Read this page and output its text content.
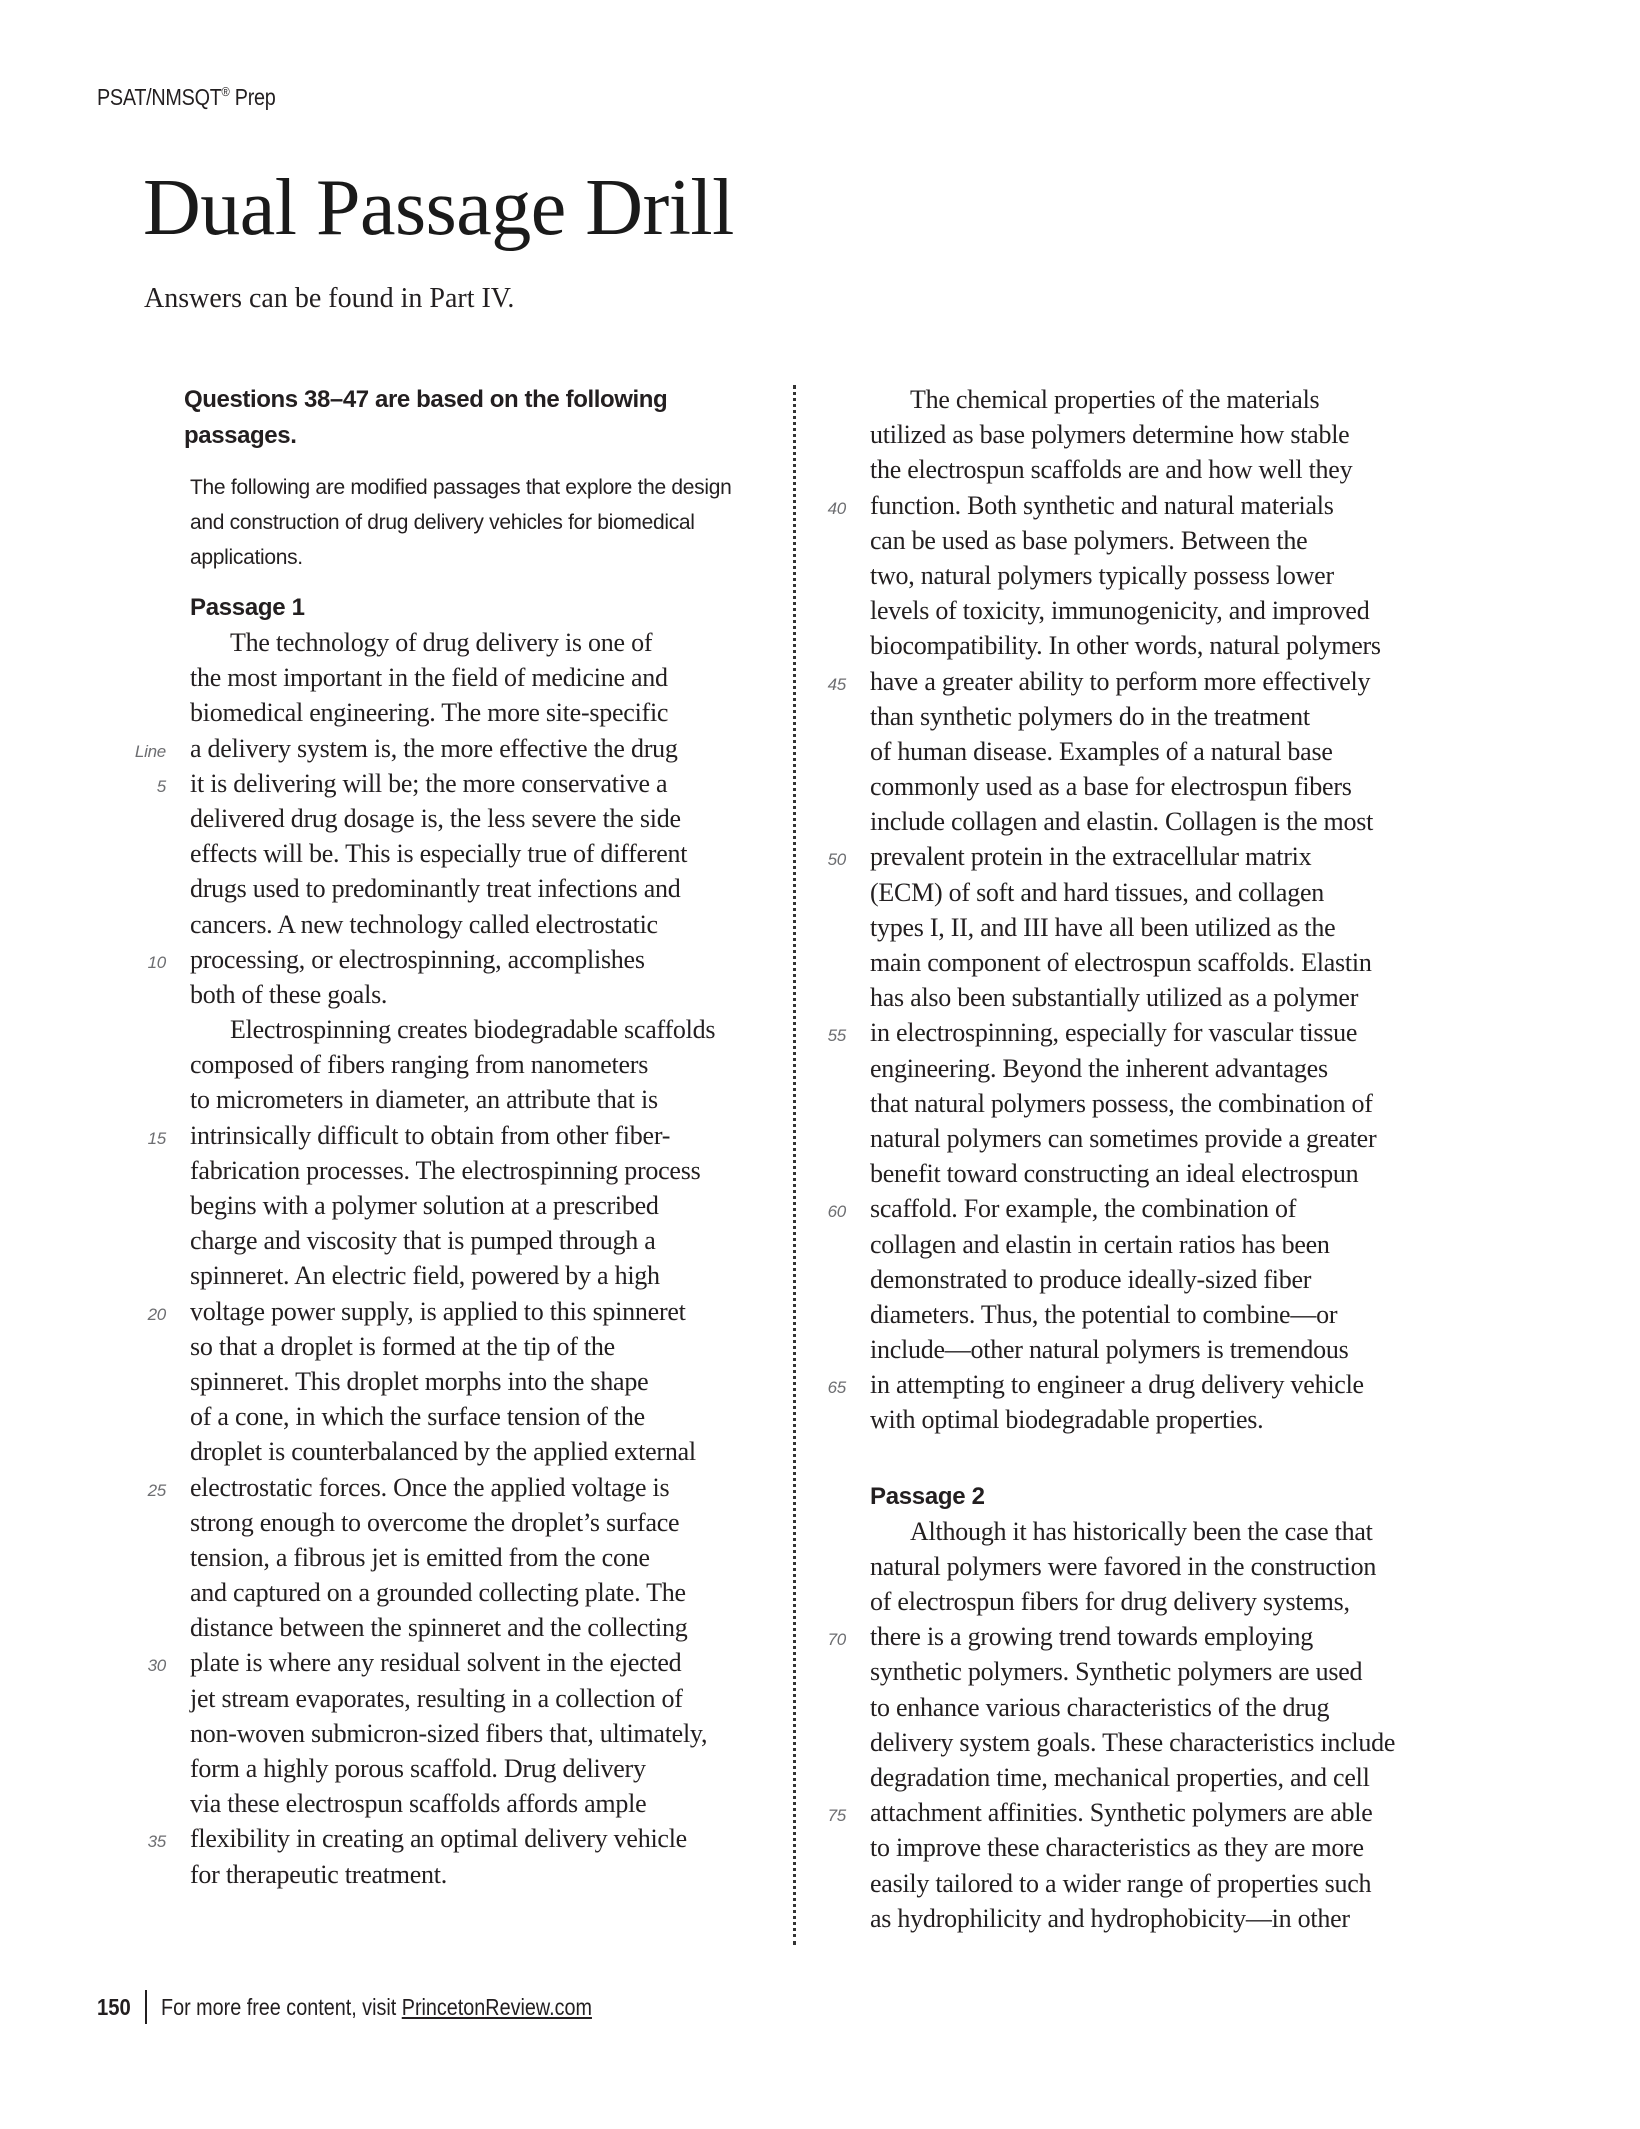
PSAT/NMSQT® Prep
Dual Passage Drill
Answers can be found in Part IV.

Questions 38–47 are based on the following passages.

The following are modified passages that explore the design and construction of drug delivery vehicles for biomedical applications.

Passage 1
The technology of drug delivery is one of
the most important in the field of medicine and
biomedical engineering. The more site-specific
Line a delivery system is, the more effective the drug
5 it is delivering will be; the more conservative a
delivered drug dosage is, the less severe the side
effects will be. This is especially true of different
drugs used to predominantly treat infections and
cancers. A new technology called electrostatic
10 processing, or electrospinning, accomplishes
both of these goals.
Electrospinning creates biodegradable scaffolds
composed of fibers ranging from nanometers
to micrometers in diameter, an attribute that is
15 intrinsically difficult to obtain from other fiber-
fabrication processes. The electrospinning process
begins with a polymer solution at a prescribed
charge and viscosity that is pumped through a
spinneret. An electric field, powered by a high
20 voltage power supply, is applied to this spinneret
so that a droplet is formed at the tip of the
spinneret. This droplet morphs into the shape
of a cone, in which the surface tension of the
droplet is counterbalanced by the applied external
25 electrostatic forces. Once the applied voltage is
strong enough to overcome the droplet’s surface
tension, a fibrous jet is emitted from the cone
and captured on a grounded collecting plate. The
distance between the spinneret and the collecting
30 plate is where any residual solvent in the ejected
jet stream evaporates, resulting in a collection of
non-woven submicron-sized fibers that, ultimately,
form a highly porous scaffold. Drug delivery
via these electrospun scaffolds affords ample
35 flexibility in creating an optimal delivery vehicle
for therapeutic treatment.
The chemical properties of the materials
utilized as base polymers determine how stable
the electrospun scaffolds are and how well they
40 function. Both synthetic and natural materials
can be used as base polymers. Between the
two, natural polymers typically possess lower
levels of toxicity, immunogenicity, and improved
biocompatibility. In other words, natural polymers
45 have a greater ability to perform more effectively
than synthetic polymers do in the treatment
of human disease. Examples of a natural base
commonly used as a base for electrospun fibers
include collagen and elastin. Collagen is the most
50 prevalent protein in the extracellular matrix
(ECM) of soft and hard tissues, and collagen
types I, II, and III have all been utilized as the
main component of electrospun scaffolds. Elastin
has also been substantially utilized as a polymer
55 in electrospinning, especially for vascular tissue
engineering. Beyond the inherent advantages
that natural polymers possess, the combination of
natural polymers can sometimes provide a greater
benefit toward constructing an ideal electrospun
60 scaffold. For example, the combination of
collagen and elastin in certain ratios has been
demonstrated to produce ideally-sized fiber
diameters. Thus, the potential to combine—or
include—other natural polymers is tremendous
65 in attempting to engineer a drug delivery vehicle
with optimal biodegradable properties.
Passage 2
Although it has historically been the case that
natural polymers were favored in the construction
of electrospun fibers for drug delivery systems,
70 there is a growing trend towards employing
synthetic polymers. Synthetic polymers are used
to enhance various characteristics of the drug
delivery system goals. These characteristics include
degradation time, mechanical properties, and cell
75 attachment affinities. Synthetic polymers are able
to improve these characteristics as they are more
easily tailored to a wider range of properties such
as hydrophilicity and hydrophobicity—in other
150 For more free content, visit PrincetonReview.com
